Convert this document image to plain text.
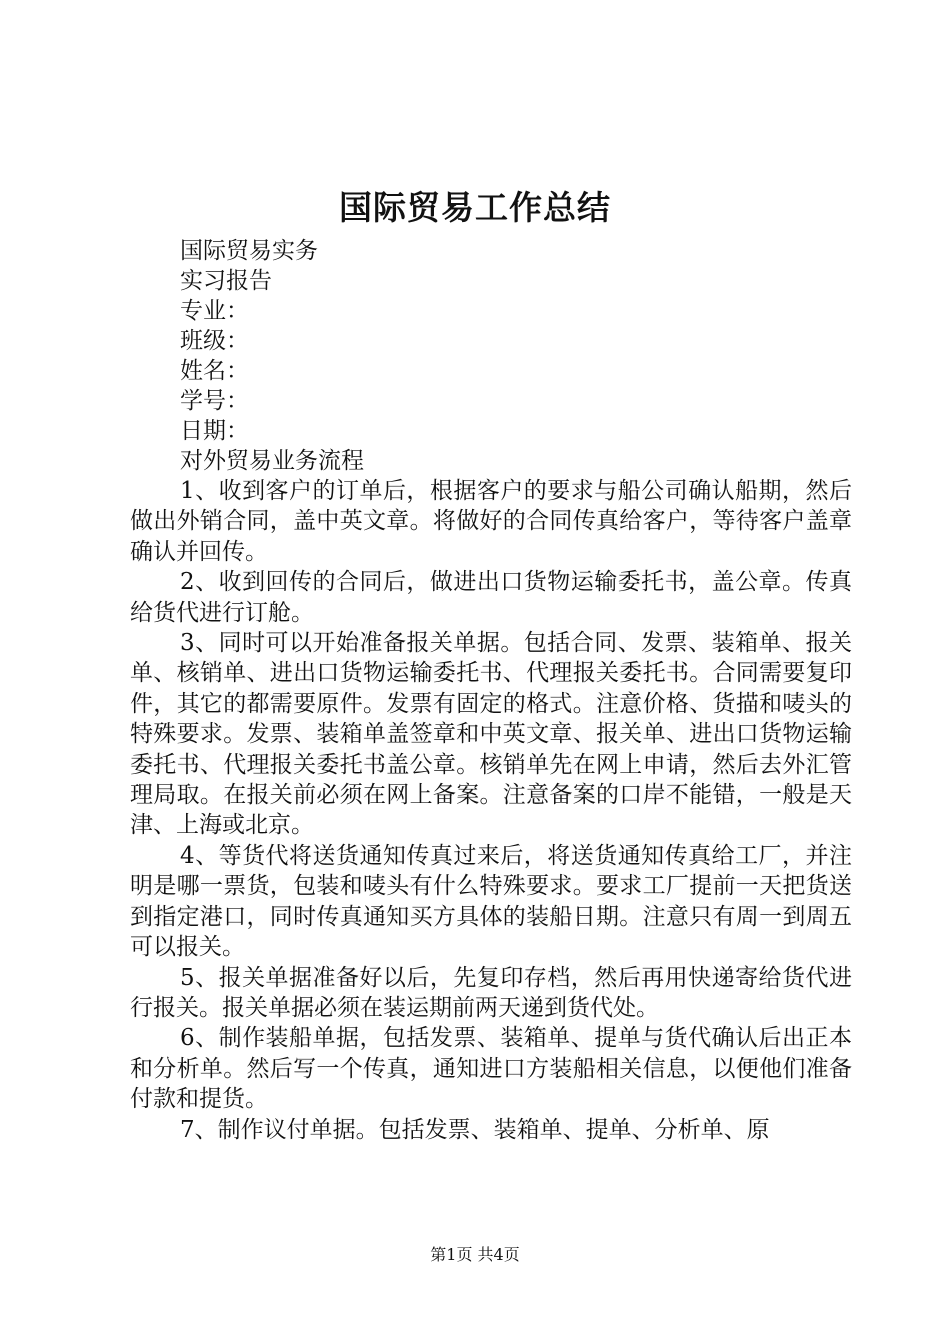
国际贸易工作总结

国际贸易实务

实习报告

专业：

班级：

姓名：

学号：

日期：

对外贸易业务流程

1、收到客户的订单后，根据客户的要求与船公司确认船期，然后做出外销合同，盖中英文章。将做好的合同传真给客户，等待客户盖章确认并回传。

2、收到回传的合同后，做进出口货物运输委托书，盖公章。传真给货代进行订舱。

3、同时可以开始准备报关单据。包括合同、发票、装箱单、报关单、核销单、进出口货物运输委托书、代理报关委托书。合同需要复印件，其它的都需要原件。发票有固定的格式。注意价格、货描和唛头的特殊要求。发票、装箱单盖签章和中英文章、报关单、进出口货物运输委托书、代理报关委托书盖公章。核销单先在网上申请，然后去外汇管理局取。在报关前必须在网上备案。注意备案的口岸不能错，一般是天津、上海或北京。

4、等货代将送货通知传真过来后，将送货通知传真给工厂，并注明是哪一票货，包装和唛头有什么特殊要求。要求工厂提前一天把货送到指定港口，同时传真通知买方具体的装船日期。注意只有周一到周五可以报关。

5、报关单据准备好以后，先复印存档，然后再用快递寄给货代进行报关。报关单据必须在装运期前两天递到货代处。

6、制作装船单据，包括发票、装箱单、提单与货代确认后出正本和分析单。然后写一个传真，通知进口方装船相关信息，以便他们准备付款和提货。

7、制作议付单据。包括发票、装箱单、提单、分析单、原

第1页 共4页
